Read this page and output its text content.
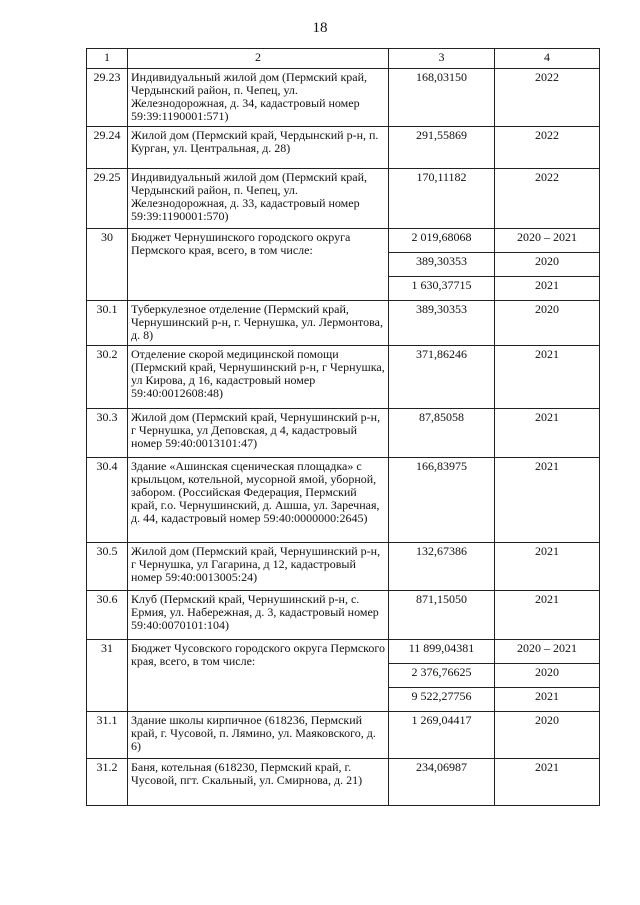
18
1	2	3	4
29.23	Индивидуальный жилой дом (Пермский край, Чердынский район, п. Чепец, ул. Железнодорожная, д. 34, кадастровый номер 59:39:1190001:571)	168,03150	2022
29.24	Жилой дом (Пермский край, Чердынский р-н, п. Курган, ул. Центральная, д. 28)	291,55869	2022
29.25	Индивидуальный жилой дом (Пермский край, Чердынский район, п. Чепец, ул. Железнодорожная, д. 33, кадастровый номер 59:39:1190001:570)	170,11182	2022
30	Бюджет Чернушинского городского округа Пермского края, всего, в том числе:	2 019,68068	2020 – 2021
		389,30353	2020
		1 630,37715	2021
30.1	Туберкулезное отделение (Пермский край, Чернушинский р-н, г. Чернушка, ул. Лермонтова, д. 8)	389,30353	2020
30.2	Отделение скорой медицинской помощи (Пермский край, Чернушинский р-н, г Чернушка, ул Кирова, д 16, кадастровый номер 59:40:0012608:48)	371,86246	2021
30.3	Жилой дом (Пермский край, Чернушинский р-н, г Чернушка, ул Деповская, д 4, кадастровый номер 59:40:0013101:47)	87,85058	2021
30.4	Здание «Ашинская сценическая площадка» с крыльцом, котельной, мусорной ямой, уборной, забором. (Российская Федерация, Пермский край, г.о. Чернушинский, д. Ашша, ул. Заречная, д. 44, кадастровый номер 59:40:0000000:2645)	166,83975	2021
30.5	Жилой дом (Пермский край, Чернушинский р-н, г Чернушка, ул Гагарина, д 12, кадастровый номер 59:40:0013005:24)	132,67386	2021
30.6	Клуб (Пермский край, Чернушинский р-н, с. Ермия, ул. Набережная, д. 3, кадастровый номер 59:40:0070101:104)	871,15050	2021
31	Бюджет Чусовского городского округа Пермского края, всего, в том числе:	11 899,04381	2020 – 2021
		2 376,76625	2020
		9 522,27756	2021
31.1	Здание школы кирпичное (618236, Пермский край, г. Чусовой, п. Лямино, ул. Маяковского, д. 6)	1 269,04417	2020
31.2	Баня, котельная (618230, Пермский край, г. Чусовой, пгт. Скальный, ул. Смирнова, д. 21)	234,06987	2021
